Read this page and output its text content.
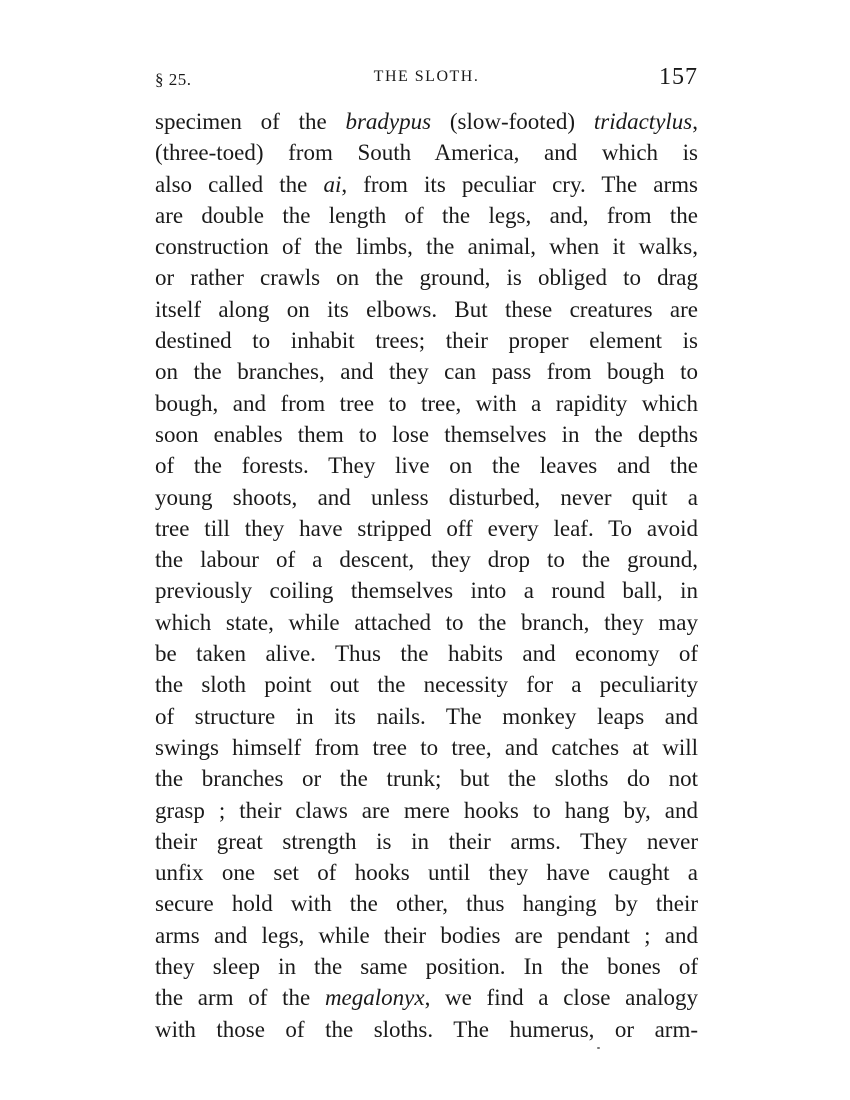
§ 25.	THE SLOTH.	157
specimen of the bradypus (slow-footed) tridactylus,
(three-toed) from South America, and which is
also called the ai, from its peculiar cry. The arms
are double the length of the legs, and, from the
construction of the limbs, the animal, when it walks,
or rather crawls on the ground, is obliged to drag
itself along on its elbows. But these creatures are
destined to inhabit trees; their proper element is
on the branches, and they can pass from bough to
bough, and from tree to tree, with a rapidity which
soon enables them to lose themselves in the depths
of the forests. They live on the leaves and the
young shoots, and unless disturbed, never quit a
tree till they have stripped off every leaf. To avoid
the labour of a descent, they drop to the ground,
previously coiling themselves into a round ball, in
which state, while attached to the branch, they may
be taken alive. Thus the habits and economy of
the sloth point out the necessity for a peculiarity
of structure in its nails. The monkey leaps and
swings himself from tree to tree, and catches at will
the branches or the trunk; but the sloths do not
grasp ; their claws are mere hooks to hang by, and
their great strength is in their arms. They never
unfix one set of hooks until they have caught a
secure hold with the other, thus hanging by their
arms and legs, while their bodies are pendant ; and
they sleep in the same position. In the bones of
the arm of the megalonyx, we find a close analogy
with those of the sloths. The humerus, or arm-
